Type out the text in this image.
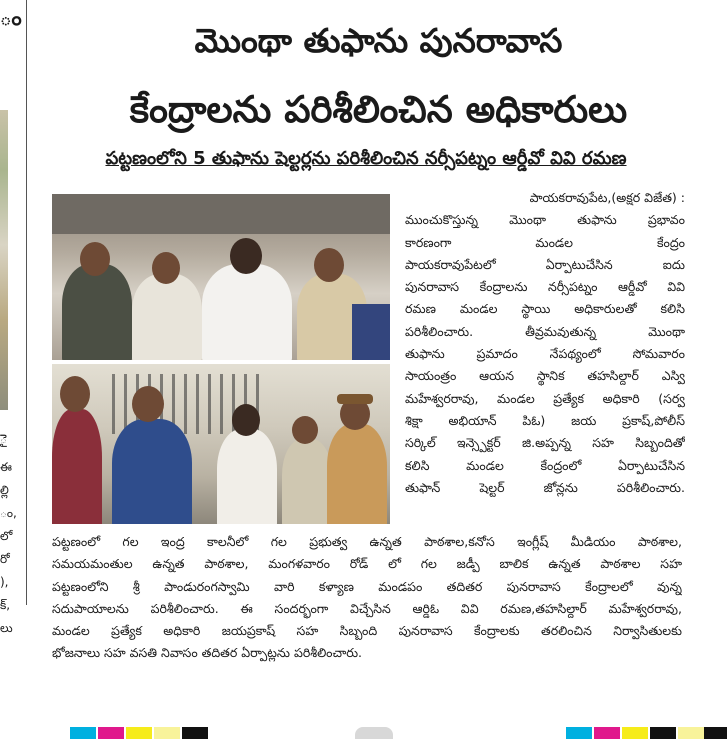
ం
ైె
ఈ
ల్లి
ం,
లో
రో
),
క్,
లు
మొంథా తుఫాను పునరావాస
కేంద్రాలను పరిశీలించిన అధికారులు
పట్టణంలోని 5 తుఫాను షెల్టర్లను పరిశీలించిన నర్సీపట్నం ఆర్డీవో వివి రమణ
పాయకరావుపేట,(అక్షర విజేత) :
ముంచుకొస్తున్న మొంథా తుఫాను ప్రభావం
కారణంగా మండల కేంద్రం
పాయకరావుపేటలో ఏర్పాటుచేసిన ఐదు
పునరావాస కేంద్రాలను నర్సీపట్నం ఆర్డీవో వివి
రమణ మండల స్థాయి అధికారులతో కలిసి
పరిశీలించారు. తీవ్రమవుతున్న మొంథా
తుఫాను ప్రమాదం నేపథ్యంలో సోమవారం
సాయంత్రం ఆయన స్థానిక తహసిల్దార్ ఎస్వి
మహేశ్వరరావు, మండల ప్రత్యేక అధికారి (సర్వ
శిక్షా అభియాన్ పిఓ) జయ ప్రకాష్,పోలీస్
సర్కిల్ ఇన్స్పెక్టర్ జి.అప్పన్న సహ సిబ్బందితో
కలిసి మండల కేంద్రంలో ఏర్పాటుచేసిన
తుఫాన్ షెల్టర్ జోన్లను పరిశీలించారు.
పట్టణంలో గల ఇంద్ర కాలనీలో గల ప్రభుత్వ ఉన్నత పాఠశాల,కనోస ఇంగ్లీష్ మీడియం పాఠశాల,
సమయమంతుల ఉన్నత పాఠశాల, మంగళవారం రోడ్ లో గల జడ్పీ బాలిక ఉన్నత పాఠశాల సహ
పట్టణంలోని శ్రీ పాండురంగస్వామి వారి కళ్యాణ మండపం తదితర పునరావాస కేంద్రాలలో వున్న
సదుపాయాలను పరిశీలించారు. ఈ సందర్భంగా విచ్చేసిన ఆర్డిఓ వివి రమణ,తహసిల్దార్ మహేశ్వరరావు,
మండల ప్రత్యేక అధికారి జయప్రకాష్ సహ సిబ్బంది పునరావాస కేంద్రాలకు తరలించిన నిర్వాసితులకు
భోజనాలు సహ వసతి నివాసం తదితర ఏర్పాట్లను పరిశీలించారు.
